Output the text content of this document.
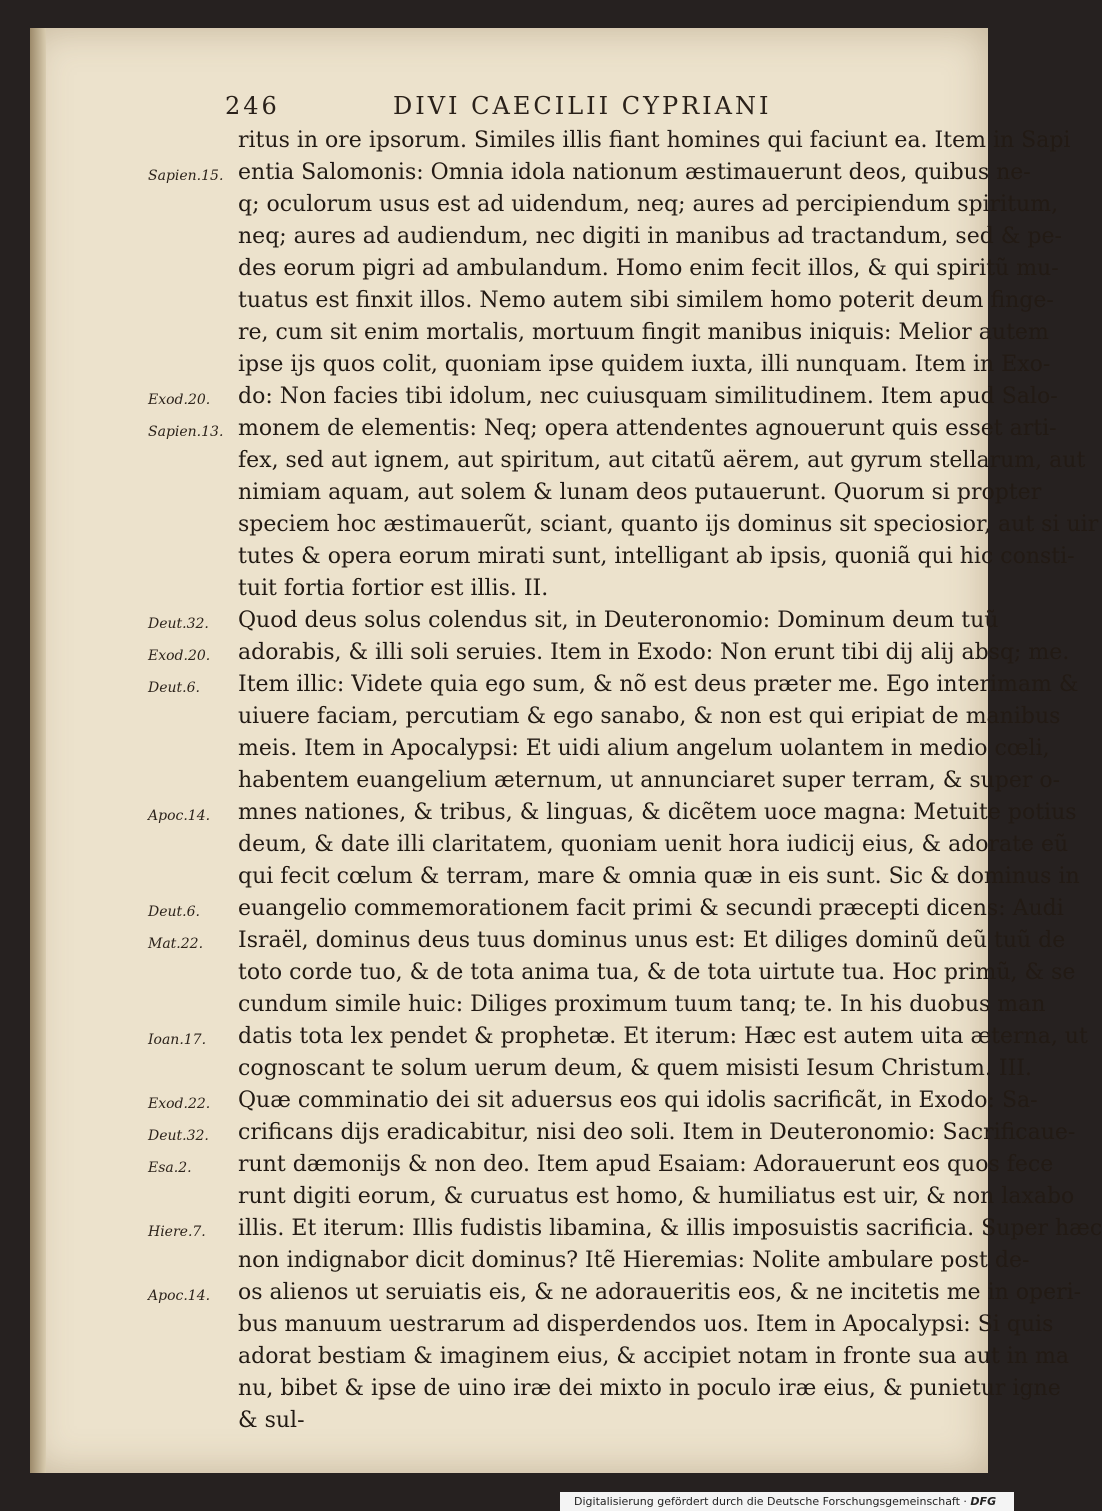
246	DIVI CAECILII CYPRIANI
ritus in ore ipsorum. Similes illis fiant homines qui faciunt ea. Item in Sapi
entia Salomonis: Omnia idola nationum æstimauerunt deos, quibus ne-
q; oculorum usus est ad uidendum, neq; aures ad percipiendum spiritum,
neq; aures ad audiendum, nec digiti in manibus ad tractandum, sed & pe-
des eorum pigri ad ambulandum. Homo enim fecit illos, & qui spiritũ mu-
tuatus est finxit illos. Nemo autem sibi similem homo poterit deum finge-
re, cum sit enim mortalis, mortuum fingit manibus iniquis: Melior autem
ipse ijs quos colit, quoniam ipse quidem iuxta, illi nunquam. Item in Exo-
do: Non facies tibi idolum, nec cuiusquam similitudinem. Item apud Salo-
monem de elementis: Neq; opera attendentes agnouerunt quis esset arti-
fex, sed aut ignem, aut spiritum, aut citatũ aërem, aut gyrum stellarum, aut
nimiam aquam, aut solem & lunam deos putauerunt. Quorum si propter
speciem hoc æstimauerũt, sciant, quanto ijs dominus sit speciosior, aut si uir
tutes & opera eorum mirati sunt, intelligant ab ipsis, quoniã qui hic consti-
tuit fortia fortior est illis. II.
Quod deus solus colendus sit, in Deuteronomio: Dominum deum tuũ
adorabis, & illi soli seruies. Item in Exodo: Non erunt tibi dij alij absq; me.
Item illic: Videte quia ego sum, & nõ est deus præter me. Ego interimam &
uiuere faciam, percutiam & ego sanabo, & non est qui eripiat de manibus
meis. Item in Apocalypsi: Et uidi alium angelum uolantem in medio cœli,
habentem euangelium æternum, ut annunciaret super terram, & super o-
mnes nationes, & tribus, & linguas, & dicẽtem uoce magna: Metuite potius
deum, & date illi claritatem, quoniam uenit hora iudicij eius, & adorate eũ
qui fecit cœlum & terram, mare & omnia quæ in eis sunt. Sic & dominus in
euangelio commemorationem facit primi & secundi præcepti dicens: Audi
Israël, dominus deus tuus dominus unus est: Et diliges dominũ deũ tuũ de
toto corde tuo, & de tota anima tua, & de tota uirtute tua. Hoc primũ, & se
cundum simile huic: Diliges proximum tuum tanq; te. In his duobus man
datis tota lex pendet & prophetæ. Et iterum: Hæc est autem uita æterna, ut
cognoscant te solum uerum deum, & quem misisti Iesum Christum. III.
Quæ comminatio dei sit aduersus eos qui idolis sacrificãt, in Exodo: Sa-
crificans dijs eradicabitur, nisi deo soli. Item in Deuteronomio: Sacrificaue-
runt dæmonijs & non deo. Item apud Esaiam: Adorauerunt eos quos fece
runt digiti eorum, & curuatus est homo, & humiliatus est uir, & non laxabo
illis. Et iterum: Illis fudistis libamina, & illis imposuistis sacrificia. Super hæc
non indignabor dicit dominus? Itẽ Hieremias: Nolite ambulare post de-
os alienos ut seruiatis eis, & ne adoraueritis eos, & ne incitetis me in operi-
bus manuum uestrarum ad disperdendos uos. Item in Apocalypsi: Si quis
adorat bestiam & imaginem eius, & accipiet notam in fronte sua aut in ma
nu, bibet & ipse de uino iræ dei mixto in poculo iræ eius, & punietur igne
& sul-
Sapien.15.
Exod.20.
Sapien.13.
Deut.32.
Exod.20.
Deut.6.
Apoc.14.
Deut.6.
Mat.22.
Ioan.17.
Exod.22.
Deut.32.
Esa.2.
Hiere.7.
Apoc.14.
Digitalisierung gefördert durch die Deutsche Forschungsgemeinschaft · DFG
